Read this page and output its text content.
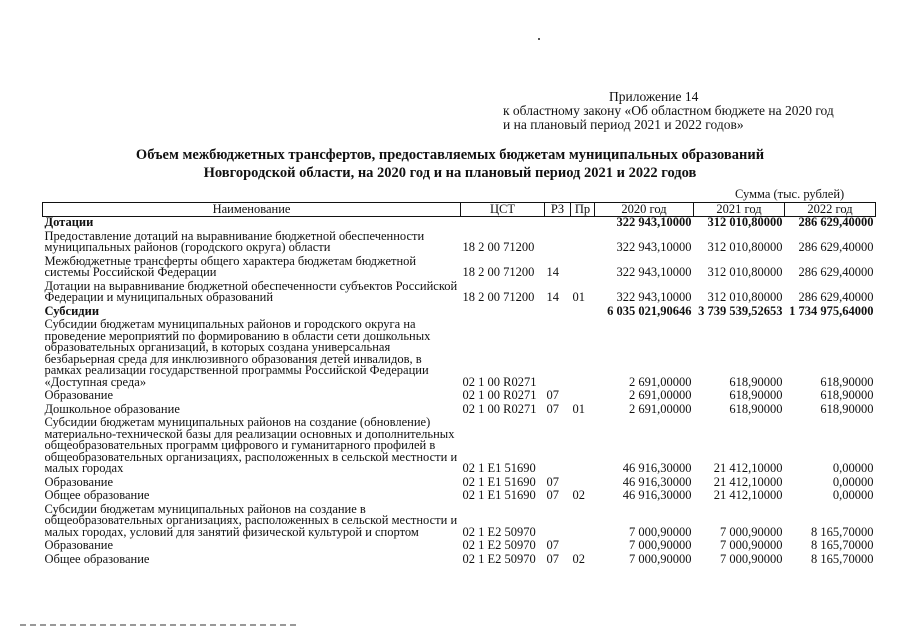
Приложение 14
к областному закону «Об областном бюджете на 2020 год
и на плановый период 2021 и 2022 годов»
Объем межбюджетных трансфертов, предоставляемых бюджетам муниципальных образований
Новгородской области, на 2020 год и на плановый период 2021 и 2022 годов
Сумма (тыс. рублей)
Наименование	ЦСТ	РЗ	Пр	2020 год	2021 год	2022 год
Дотации				322 943,10000	312 010,80000	286 629,40000
Предоставление дотаций на выравнивание бюджетной обеспеченности муниципальных районов (городского округа) области	18 2 00 71200			322 943,10000	312 010,80000	286 629,40000
Межбюджетные трансферты общего характера бюджетам бюджетной системы Российской Федерации	18 2 00 71200	14		322 943,10000	312 010,80000	286 629,40000
Дотации на выравнивание бюджетной обеспеченности субъектов Российской Федерации и муниципальных образований	18 2 00 71200	14	01	322 943,10000	312 010,80000	286 629,40000
Субсидии				6 035 021,90646	3 739 539,52653	1 734 975,64000
Субсидии бюджетам муниципальных районов и городского округа на проведение мероприятий по формированию в области сети дошкольных образовательных организаций, в которых создана универсальная безбарьерная среда для инклюзивного образования детей инвалидов, в рамках реализации государственной программы Российской Федерации «Доступная среда»	02 1 00 R0271			2 691,00000	618,90000	618,90000
Образование	02 1 00 R0271	07		2 691,00000	618,90000	618,90000
Дошкольное образование	02 1 00 R0271	07	01	2 691,00000	618,90000	618,90000
Субсидии бюджетам муниципальных районов на создание (обновление) материально-технической базы для реализации основных и дополнительных общеобразовательных программ цифрового и гуманитарного профилей в общеобразовательных организациях, расположенных в сельской местности и малых городах	02 1 E1 51690			46 916,30000	21 412,10000	0,00000
Образование	02 1 E1 51690	07		46 916,30000	21 412,10000	0,00000
Общее образование	02 1 E1 51690	07	02	46 916,30000	21 412,10000	0,00000
Субсидии бюджетам муниципальных районов на создание в общеобразовательных организациях, расположенных в сельской местности и малых городах, условий для занятий физической культурой и спортом	02 1 E2 50970			7 000,90000	7 000,90000	8 165,70000
Образование	02 1 E2 50970	07		7 000,90000	7 000,90000	8 165,70000
Общее образование	02 1 E2 50970	07	02	7 000,90000	7 000,90000	8 165,70000
